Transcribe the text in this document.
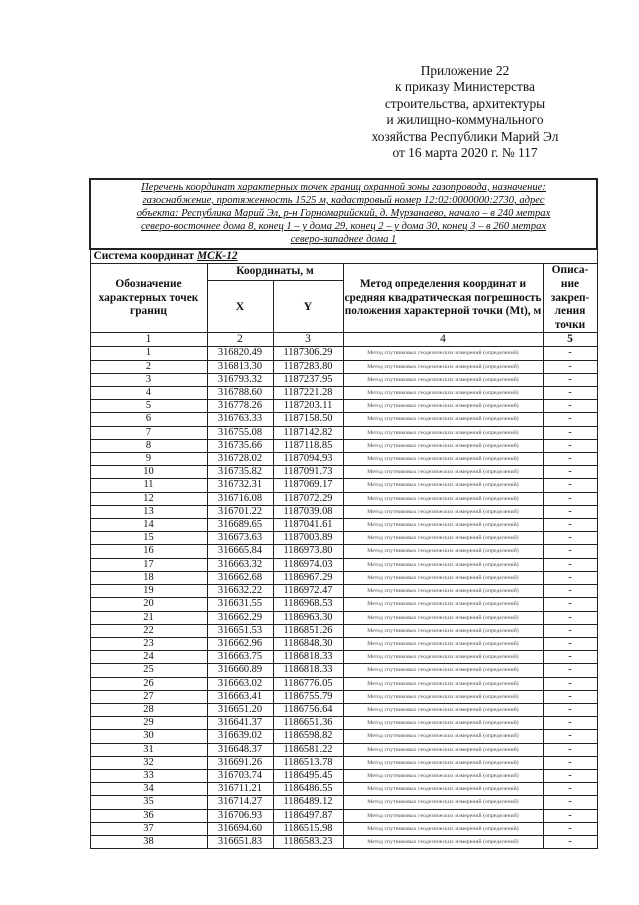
Приложение 22
к приказу Министерства
строительства, архитектуры
и жилищно-коммунального
хозяйства Республики Марий Эл
от 16 марта 2020 г. № 117
Перечень координат характерных точек границ охранной зоны газопровода, назначение:
газоснабжение, протяженность 1525 м, кадастровый номер 12:02:0000000:2730, адрес
объекта: Республика Марий Эл, р-н Горномарийский, д. Мурзанаево, начало – в 240 метрах
северо-восточнее дома 8, конец 1 – у дома 29, конец 2 – у дома 30, конец 3 – в 260 метрах
северо-западнее дома 1				

Система координат МСК-12				
Обозначение характерных точек границ	Координаты, м		Метод определения координат и средняя квадратическая погрешность положения характерной точки (Mt), м	Описа-ние закреп-ления точки
	X	Y		
1	2	3	4	5
1	316820.49	1187306.29	Метод спутниковых геодезических измерений (определений)	-
2	316813.30	1187283.80	Метод спутниковых геодезических измерений (определений)	-
3	316793.32	1187237.95	Метод спутниковых геодезических измерений (определений)	-
4	316788.60	1187221.28	Метод спутниковых геодезических измерений (определений)	-
5	316778.26	1187203.11	Метод спутниковых геодезических измерений (определений)	-
6	316763.33	1187158.50	Метод спутниковых геодезических измерений (определений)	-
7	316755.08	1187142.82	Метод спутниковых геодезических измерений (определений)	-
8	316735.66	1187118.85	Метод спутниковых геодезических измерений (определений)	-
9	316728.02	1187094.93	Метод спутниковых геодезических измерений (определений)	-
10	316735.82	1187091.73	Метод спутниковых геодезических измерений (определений)	-
11	316732.31	1187069.17	Метод спутниковых геодезических измерений (определений)	-
12	316716.08	1187072.29	Метод спутниковых геодезических измерений (определений)	-
13	316701.22	1187039.08	Метод спутниковых геодезических измерений (определений)	-
14	316689.65	1187041.61	Метод спутниковых геодезических измерений (определений)	-
15	316673.63	1187003.89	Метод спутниковых геодезических измерений (определений)	-
16	316665.84	1186973.80	Метод спутниковых геодезических измерений (определений)	-
17	316663.32	1186974.03	Метод спутниковых геодезических измерений (определений)	-
18	316662.68	1186967.29	Метод спутниковых геодезических измерений (определений)	-
19	316632.22	1186972.47	Метод спутниковых геодезических измерений (определений)	-
20	316631.55	1186968.53	Метод спутниковых геодезических измерений (определений)	-
21	316662.29	1186963.30	Метод спутниковых геодезических измерений (определений)	-
22	316651.53	1186851.26	Метод спутниковых геодезических измерений (определений)	-
23	316662.96	1186848.30	Метод спутниковых геодезических измерений (определений)	-
24	316663.75	1186818.33	Метод спутниковых геодезических измерений (определений)	-
25	316660.89	1186818.33	Метод спутниковых геодезических измерений (определений)	-
26	316663.02	1186776.05	Метод спутниковых геодезических измерений (определений)	-
27	316663.41	1186755.79	Метод спутниковых геодезических измерений (определений)	-
28	316651.20	1186756.64	Метод спутниковых геодезических измерений (определений)	-
29	316641.37	1186651.36	Метод спутниковых геодезических измерений (определений)	-
30	316639.02	1186598.82	Метод спутниковых геодезических измерений (определений)	-
31	316648.37	1186581.22	Метод спутниковых геодезических измерений (определений)	-
32	316691.26	1186513.78	Метод спутниковых геодезических измерений (определений)	-
33	316703.74	1186495.45	Метод спутниковых геодезических измерений (определений)	-
34	316711.21	1186486.55	Метод спутниковых геодезических измерений (определений)	-
35	316714.27	1186489.12	Метод спутниковых геодезических измерений (определений)	-
36	316706.93	1186497.87	Метод спутниковых геодезических измерений (определений)	-
37	316694.60	1186515.98	Метод спутниковых геодезических измерений (определений)	-
38	316651.83	1186583.23	Метод спутниковых геодезических измерений (определений)	-
